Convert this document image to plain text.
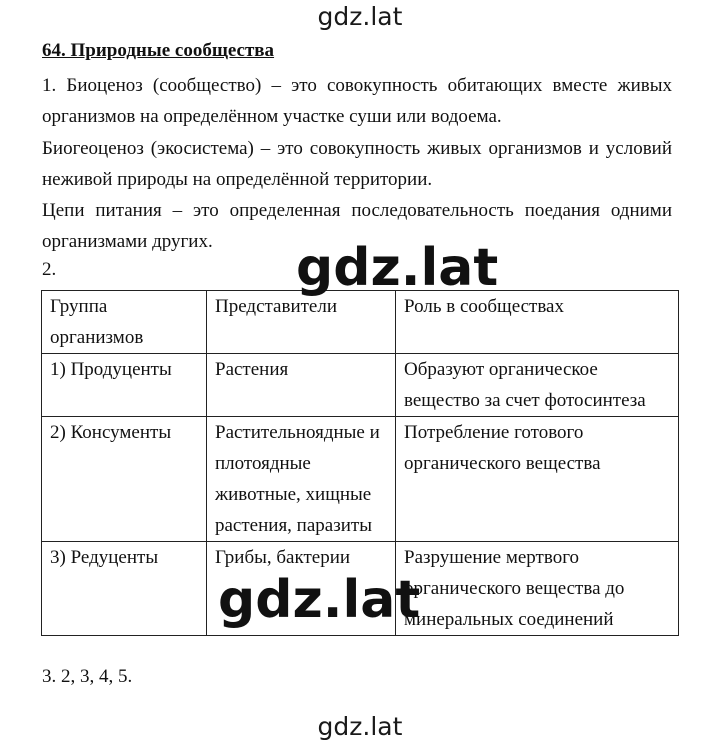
gdz.lat
64. Природные сообщества
1. Биоценоз (сообщество) – это совокупность обитающих вместе живых организмов на определённом участке суши или водоема.
Биогеоценоз (экосистема) – это совокупность живых организмов и условий неживой природы на определённой территории.
Цепи питания – это определенная последовательность поедания одними организмами других.
2.
Группа организмов	Представители	Роль в сообществах
1) Продуценты	Растения	Образуют органическое вещество за счет фотосинтеза
2) Консументы	Растительноядные и плотоядные животные, хищные растения, паразиты	Потребление готового органического вещества
3) Редуценты	Грибы, бактерии	Разрушение мертвого органического вещества до минеральных соединений
gdz.lat
gdz.lat
3. 2, 3, 4, 5.
gdz.lat
